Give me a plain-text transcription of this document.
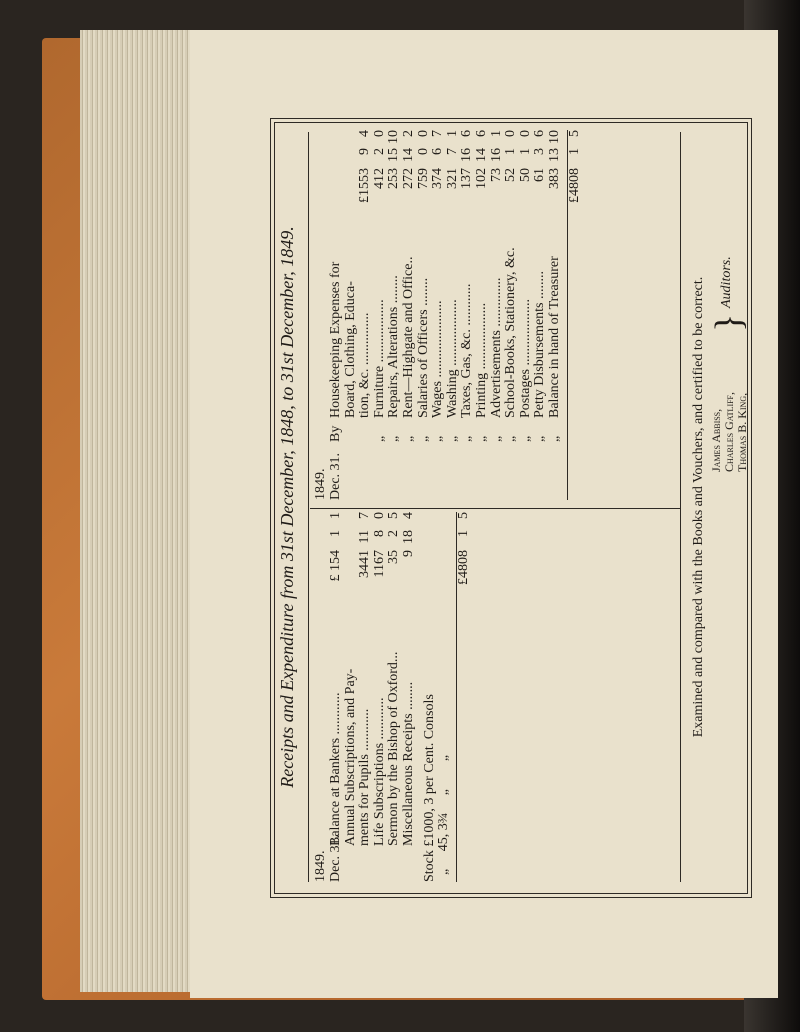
Receipts and Expenditure from 31st December, 1848, to 31st December, 1849.
1849. Dec. 31.
Balance at Bankers ............
£ 15411
Annual Subscriptions, and Pay- ments for Pupils ............
3441117
Life Subscriptions ............
116780
Sermon by the Bishop of Oxford...
3525
Miscellaneous Receipts ........
9184
Stock £1000, 3 per Cent. Consols „     45, 3¾     „        „
£480815
1849. Dec. 31.
By
Housekeeping Expenses for Board, Clothing, Educa- tion, &c. ...............
£155394
„
Furniture ..................
41220
„
Repairs, Alterations ........
2531510
„
Rent—Highgate and Office..
272142
„
Salaries of Officers ........
75900
„
Wages ......................
37467
„
Washing ...................
32171
„
Taxes, Gas, &c. ............
137166
„
Printing ...................
102146
„
Advertisements ..............
73161
„
School-Books, Stationery, &c.
5210
„
Postages ...................
5010
„
Petty Disbursements ........
6136
„
Balance in hand of Treasurer
3831310
£480815
Examined and compared with the Books and Vouchers, and certified to be correct. James Abbiss, Charles Gatliff, Thomas B. King,
}
Auditors.
